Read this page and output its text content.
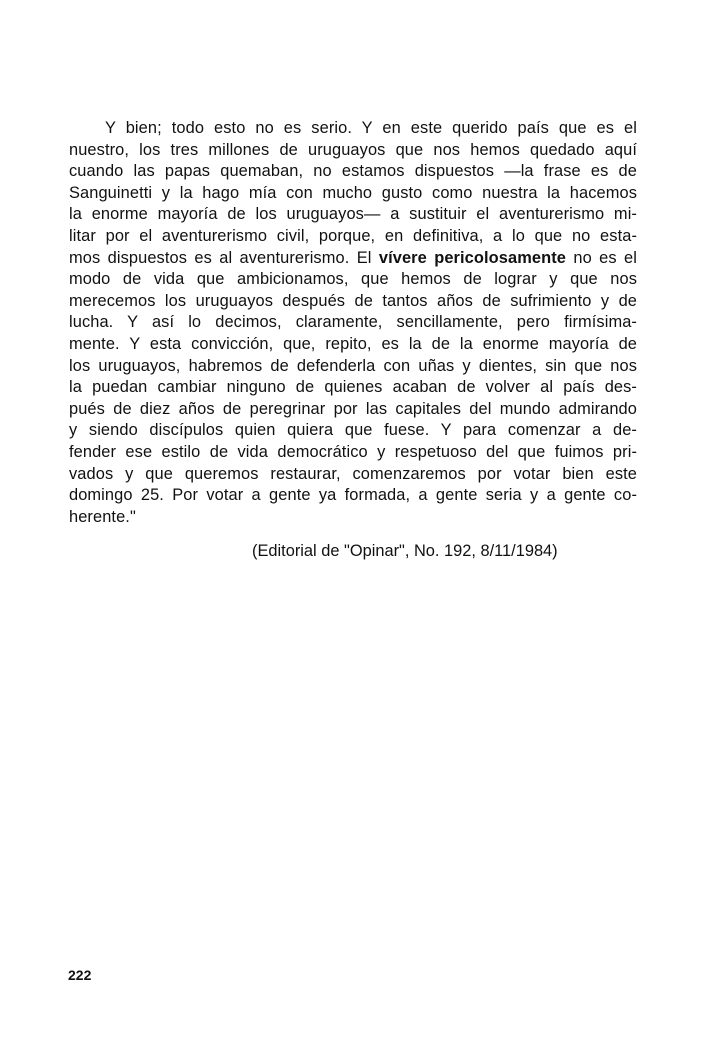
Y bien; todo esto no es serio. Y en este querido país que es el
nuestro, los tres millones de uruguayos que nos hemos quedado aquí
cuando las papas quemaban, no estamos dispuestos —la frase es de
Sanguinetti y la hago mía con mucho gusto como nuestra la hacemos
la enorme mayoría de los uruguayos— a sustituir el aventurerismo mi-
litar por el aventurerismo civil, porque, en definitiva, a lo que no esta-
mos dispuestos es al aventurerismo. El vívere pericolosamente no es el
modo de vida que ambicionamos, que hemos de lograr y que nos
merecemos los uruguayos después de tantos años de sufrimiento y de
lucha. Y así lo decimos, claramente, sencillamente, pero firmísima-
mente. Y esta convicción, que, repito, es la de la enorme mayoría de
los uruguayos, habremos de defenderla con uñas y dientes, sin que nos
la puedan cambiar ninguno de quienes acaban de volver al país des-
pués de diez años de peregrinar por las capitales del mundo admirando
y siendo discípulos quien quiera que fuese. Y para comenzar a de-
fender ese estilo de vida democrático y respetuoso del que fuimos pri-
vados y que queremos restaurar, comenzaremos por votar bien este
domingo 25. Por votar a gente ya formada, a gente seria y a gente co-
herente."
(Editorial de "Opinar", No. 192, 8/11/1984)
222
